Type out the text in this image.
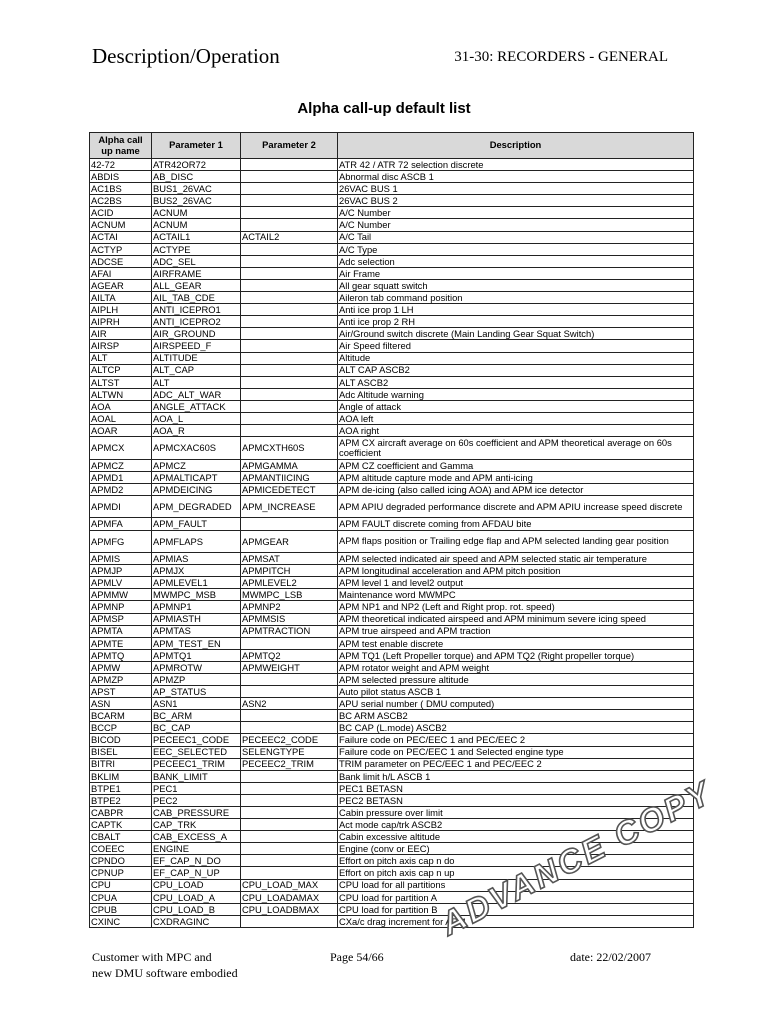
Description/Operation	31-30: RECORDERS - GENERAL
Alpha call-up default list
Alpha call up name	Parameter 1	Parameter 2	Description
42-72	ATR42OR72		ATR 42 / ATR 72 selection discrete
ABDIS	AB_DISC		Abnormal disc ASCB 1
AC1BS	BUS1_26VAC		26VAC BUS 1
AC2BS	BUS2_26VAC		26VAC BUS 2
ACID	ACNUM		A/C Number
ACNUM	ACNUM		A/C Number
ACTAI	ACTAIL1	ACTAIL2	A/C Tail
ACTYP	ACTYPE		A/C Type
ADCSE	ADC_SEL		Adc selection
AFAI	AIRFRAME		Air Frame
AGEAR	ALL_GEAR		All gear squatt switch
AILTA	AIL_TAB_CDE		Aileron tab command position
AIPLH	ANTI_ICEPRO1		Anti ice prop 1 LH
AIPRH	ANTI_ICEPRO2		Anti ice prop 2 RH
AIR	AIR_GROUND		Air/Ground switch discrete (Main Landing Gear Squat Switch)
AIRSP	AIRSPEED_F		Air Speed filtered
ALT	ALTITUDE		Altitude
ALTCP	ALT_CAP		ALT CAP ASCB2
ALTST	ALT		ALT ASCB2
ALTWN	ADC_ALT_WAR		Adc Altitude warning
AOA	ANGLE_ATTACK		Angle of attack
AOAL	AOA_L		AOA left
AOAR	AOA_R		AOA right
APMCX	APMCXAC60S	APMCXTH60S	APM CX aircraft average on 60s coefficient and APM theoretical average on 60s coefficient
APMCZ	APMCZ	APMGAMMA	APM CZ coefficient and Gamma
APMD1	APMALTICAPT	APMANTIICING	APM altitude capture mode and APM anti-icing
APMD2	APMDEICING	APMICEDETECT	APM de-icing (also called icing AOA) and APM ice detector
APMDI	APM_DEGRADED	APM_INCREASE	APM APIU degraded performance discrete and APM APIU increase speed discrete
APMFA	APM_FAULT		APM FAULT discrete coming from AFDAU bite
APMFG	APMFLAPS	APMGEAR	APM flaps position or Trailing edge flap and APM selected landing gear position
APMIS	APMIAS	APMSAT	APM selected indicated air speed and APM selected static air temperature
APMJP	APMJX	APMPITCH	APM longitudinal acceleration and APM pitch position
APMLV	APMLEVEL1	APMLEVEL2	APM level 1 and level2 output
APMMW	MWMPC_MSB	MWMPC_LSB	Maintenance word MWMPC
APMNP	APMNP1	APMNP2	APM NP1 and NP2 (Left and Right prop. rot. speed)
APMSP	APMIASTH	APMMSIS	APM theoretical indicated airspeed and APM minimum severe icing speed
APMTA	APMTAS	APMTRACTION	APM true airspeed and APM traction
APMTE	APM_TEST_EN		APM test enable discrete
APMTQ	APMTQ1	APMTQ2	APM TQ1 (Left Propeller torque) and APM TQ2 (Right propeller torque)
APMW	APMROTW	APMWEIGHT	APM rotator weight and APM weight
APMZP	APMZP		APM selected pressure altitude
APST	AP_STATUS		Auto pilot status ASCB 1
ASN	ASN1	ASN2	APU serial number ( DMU computed)
BCARM	BC_ARM		BC ARM ASCB2
BCCP	BC_CAP		BC CAP (L.mode) ASCB2
BICOD	PECEEC1_CODE	PECEEC2_CODE	Failure code on PEC/EEC 1 and PEC/EEC 2
BISEL	EEC_SELECTED	SELENGTYPE	Failure code on PEC/EEC 1 and Selected engine type
BITRI	PECEEC1_TRIM	PECEEC2_TRIM	TRIM parameter on PEC/EEC 1 and PEC/EEC 2
BKLIM	BANK_LIMIT		Bank limit h/L ASCB 1
BTPE1	PEC1		PEC1 BETASN
BTPE2	PEC2		PEC2 BETASN
CABPR	CAB_PRESSURE		Cabin pressure over limit
CAPTK	CAP_TRK		Act mode cap/trk ASCB2
CBALT	CAB_EXCESS_A		Cabin excessive altitude
COEEC	ENGINE		Engine (conv or EEC)
CPNDO	EF_CAP_N_DO		Effort on pitch axis cap n do
CPNUP	EF_CAP_N_UP		Effort on pitch axis cap n up
CPU	CPU_LOAD	CPU_LOAD_MAX	CPU load for all partitions
CPUA	CPU_LOAD_A	CPU_LOADAMAX	CPU load for partition A
CPUB	CPU_LOAD_B	CPU_LOADBMAX	CPU load for partition B
CXINC	CXDRAGINC		CXa/c drag increment for APM
Customer with MPC and
new DMU software embodied
Page 54/66	date: 22/02/2007
ADVANCE COPY
